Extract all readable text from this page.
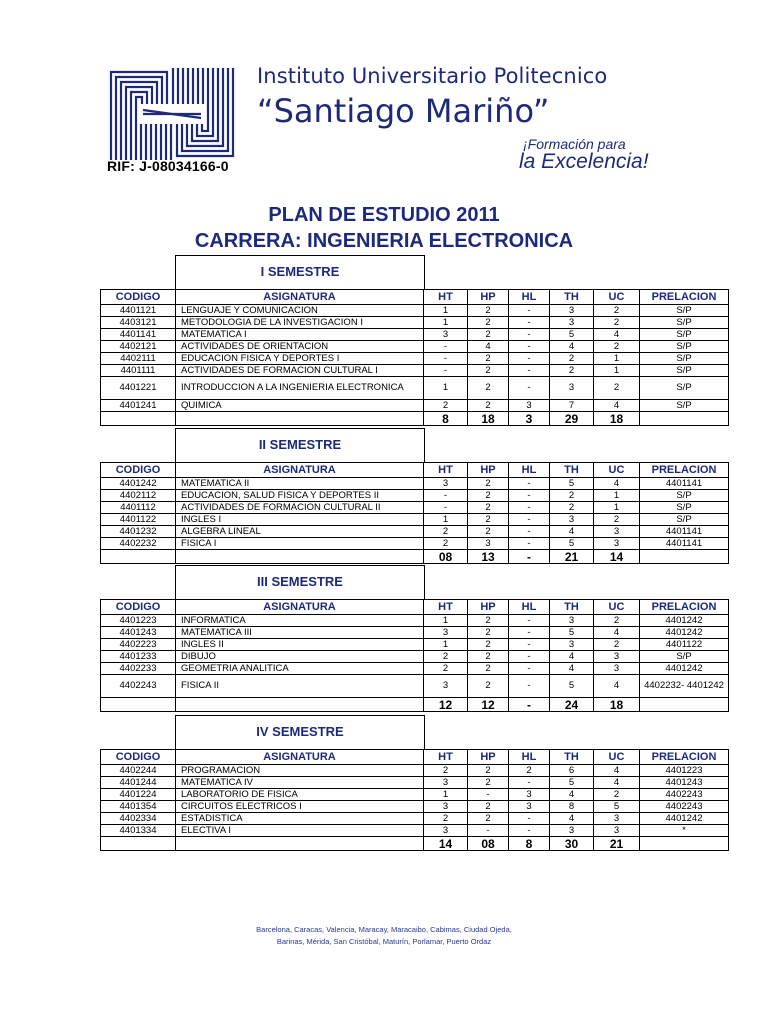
RIF: J-08034166-0
Instituto Universitario Politecnico
“Santiago Mariño”
¡Formación para
la Excelencia!
PLAN DE ESTUDIO 2011
CARRERA: INGENIERIA ELECTRONICA
I SEMESTRE
CODIGO	ASIGNATURA	HT	HP	HL	TH	UC	PRELACION
4401121	LENGUAJE Y COMUNICACION	1	2	-	3	2	S/P
4403121	METODOLOGIA DE LA INVESTIGACION I	1	2	-	3	2	S/P
4401141	MATEMATICA I	3	2	-	5	4	S/P
4402121	ACTIVIDADES DE ORIENTACION	-	4	-	4	2	S/P
4402111	EDUCACION FISICA Y DEPORTES I	-	2	-	2	1	S/P
4401111	ACTIVIDADES DE FORMACION CULTURAL I	-	2	-	2	1	S/P
4401221	INTRODUCCION A LA INGENIERIA ELECTRONICA	1	2	-	3	2	S/P
4401241	QUIMICA	2	2	3	7	4	S/P
		8	18	3	29	18	
II SEMESTRE
CODIGO	ASIGNATURA	HT	HP	HL	TH	UC	PRELACION
4401242	MATEMATICA II	3	2	-	5	4	4401141
4402112	EDUCACION, SALUD FISICA Y DEPORTES II	-	2	-	2	1	S/P
4401112	ACTIVIDADES DE FORMACION CULTURAL II	-	2	-	2	1	S/P
4401122	INGLES I	1	2	-	3	2	S/P
4401232	ALGEBRA LINEAL	2	2	-	4	3	4401141
4402232	FISICA I	2	3	-	5	3	4401141
		08	13	-	21	14	
III SEMESTRE
CODIGO	ASIGNATURA	HT	HP	HL	TH	UC	PRELACION
4401223	INFORMATICA	1	2	-	3	2	4401242
4401243	MATEMATICA III	3	2	-	5	4	4401242
4402223	INGLES II	1	2	-	3	2	4401122
4401233	DIBUJO	2	2	-	4	3	S/P
4402233	GEOMETRIA ANALITICA	2	2	-	4	3	4401242
4402243	FISICA II	3	2	-	5	4	4402232- 4401242
		12	12	-	24	18	
IV SEMESTRE
CODIGO	ASIGNATURA	HT	HP	HL	TH	UC	PRELACION
4402244	PROGRAMACION	2	2	2	6	4	4401223
4401244	MATEMATICA IV	3	2	-	5	4	4401243
4401224	LABORATORIO DE FISICA	1	-	3	4	2	4402243
4401354	CIRCUITOS ELECTRICOS I	3	2	3	8	5	4402243
4402334	ESTADISTICA	2	2	-	4	3	4401242
4401334	ELECTIVA I	3	-	-	3	3	*
		14	08	8	30	21	
Barcelona, Caracas, Valencia, Maracay, Maracaibo, Cabimas, Ciudad Ojeda,
Barinas, Mérida, San Cristóbal, Maturín, Porlamar, Puerto Ordaz
